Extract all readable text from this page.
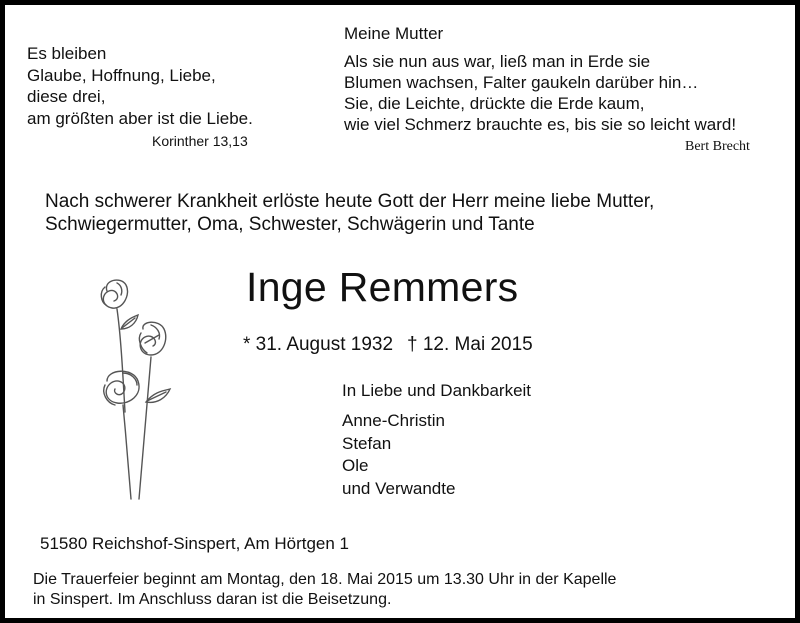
Es bleiben
Glaube, Hoffnung, Liebe,
diese drei,
am größten aber ist die Liebe.
Korinther 13,13
Meine Mutter
Als sie nun aus war, ließ man in Erde sie
Blumen wachsen, Falter gaukeln darüber hin…
Sie, die Leichte, drückte die Erde kaum,
wie viel Schmerz brauchte es, bis sie so leicht ward!
Bert Brecht
Nach schwerer Krankheit erlöste heute Gott der Herr meine liebe Mutter,
Schwiegermutter, Oma, Schwester, Schwägerin und Tante
Inge Remmers
* 31. August 1932 † 12. Mai 2015
In Liebe und Dankbarkeit
Anne-Christin
Stefan
Ole
und Verwandte
51580 Reichshof-Sinspert, Am Hörtgen 1
Die Trauerfeier beginnt am Montag, den 18. Mai 2015 um 13.30 Uhr in der Kapelle
in Sinspert. Im Anschluss daran ist die Beisetzung.
